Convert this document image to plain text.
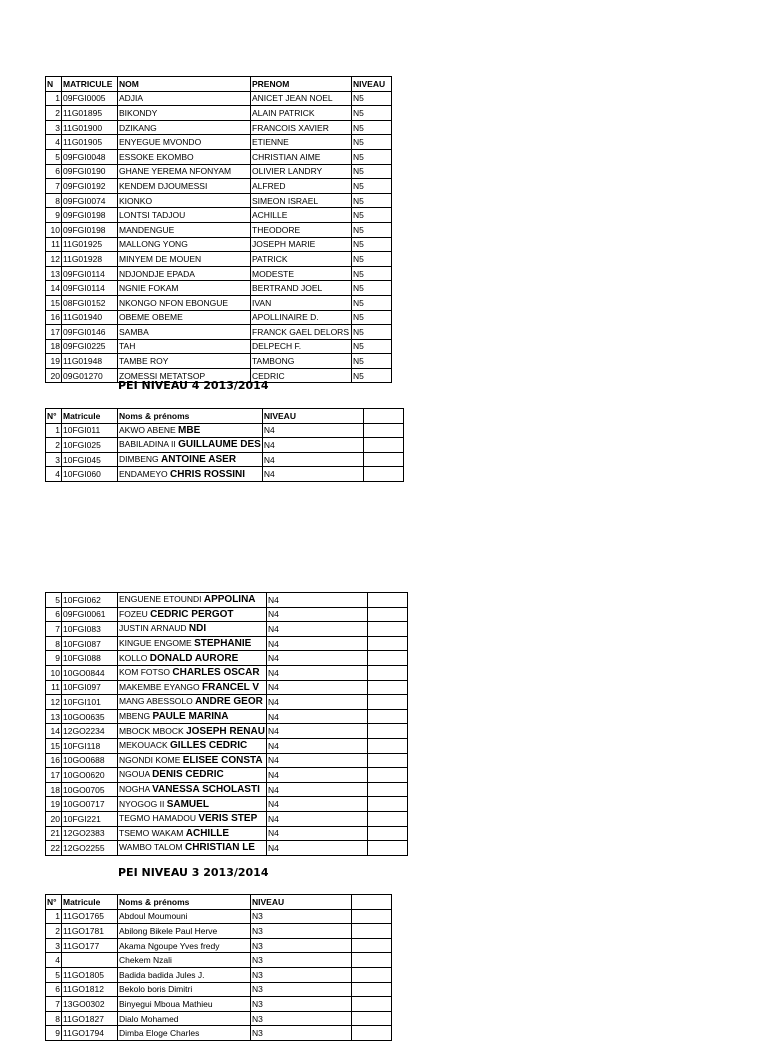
N	MATRICULE	NOM	PRENOM	NIVEAU
1	09FGI0005	ADJIA	ANICET JEAN NOEL	N5
2	11G01895	BIKONDY	ALAIN PATRICK	N5
3	11G01900	DZIKANG	FRANCOIS XAVIER	N5
4	11G01905	ENYEGUE MVONDO	ETIENNE	N5
5	09FGI0048	ESSOKE EKOMBO	CHRISTIAN AIME	N5
6	09FGI0190	GHANE YEREMA NFONYAM	OLIVIER LANDRY	N5
7	09FGI0192	KENDEM DJOUMESSI	ALFRED	N5
8	09FGI0074	KIONKO	SIMEON ISRAEL	N5
9	09FGI0198	LONTSI TADJOU	ACHILLE	N5
10	09FGI0198	MANDENGUE	THEODORE	N5
11	11G01925	MALLONG YONG	JOSEPH MARIE	N5
12	11G01928	MINYEM DE MOUEN	PATRICK	N5
13	09FGI0114	NDJONDJE EPADA	MODESTE	N5
14	09FGI0114	NGNIE FOKAM	BERTRAND JOEL	N5
15	08FGI0152	NKONGO NFON EBONGUE	IVAN	N5
16	11G01940	OBEME OBEME	APOLLINAIRE D.	N5
17	09FGI0146	SAMBA	FRANCK GAEL DELORS	N5
18	09FGI0225	TAH	DELPECH F.	N5
19	11G01948	TAMBE ROY	TAMBONG	N5
20	09G01270	ZOMESSI METATSOP	CEDRIC	N5
PEI NIVEAU 4 2013/2014
N°	Matricule	Noms & prénoms	NIVEAU	
1	10FGI011	AKWO ABENE MBE	N4	
2	10FGI025	BABILADINA II GUILLAUME DES	N4	
3	10FGI045	DIMBENG ANTOINE ASER	N4	
4	10FGI060	ENDAMEYO CHRIS ROSSINI	N4	
5	10FGI062	ENGUENE ETOUNDI APPOLINA	N4	
6	09FGI0061	FOZEU CEDRIC PERGOT	N4	
7	10FGI083	JUSTIN ARNAUD NDI	N4	
8	10FGI087	KINGUE ENGOME STEPHANIE	N4	
9	10FGI088	KOLLO DONALD AURORE	N4	
10	10GO0844	KOM FOTSO CHARLES OSCAR	N4	
11	10FGI097	MAKEMBE EYANGO FRANCEL V	N4	
12	10FGI101	MANG ABESSOLO ANDRE GEOR	N4	
13	10GO0635	MBENG PAULE MARINA	N4	
14	12GO2234	MBOCK MBOCK JOSEPH RENAU	N4	
15	10FGI118	MEKOUACK GILLES CEDRIC	N4	
16	10GO0688	NGONDI KOME ELISEE CONSTA	N4	
17	10GO0620	NGOUA DENIS CEDRIC	N4	
18	10GO0705	NOGHA VANESSA SCHOLASTI	N4	
19	10GO0717	NYOGOG II SAMUEL	N4	
20	10FGI221	TEGMO HAMADOU VERIS STEP	N4	
21	12GO2383	TSEMO WAKAM ACHILLE	N4	
22	12GO2255	WAMBO TALOM CHRISTIAN LE	N4	
PEI NIVEAU 3 2013/2014
N°	Matricule	Noms & prénoms	NIVEAU	
1	11GO1765	Abdoul Moumouni	N3	
2	11GO1781	Abilong Bikele Paul Herve	N3	
3	11GO177	Akama Ngoupe Yves fredy	N3	
4		Chekem Nzali	N3	
5	11GO1805	Badida badida Jules J.	N3	
6	11GO1812	Bekolo boris Dimitri	N3	
7	13GO0302	Binyegui Mboua Mathieu	N3	
8	11GO1827	Dialo Mohamed	N3	
9	11GO1794	Dimba Eloge Charles	N3	
